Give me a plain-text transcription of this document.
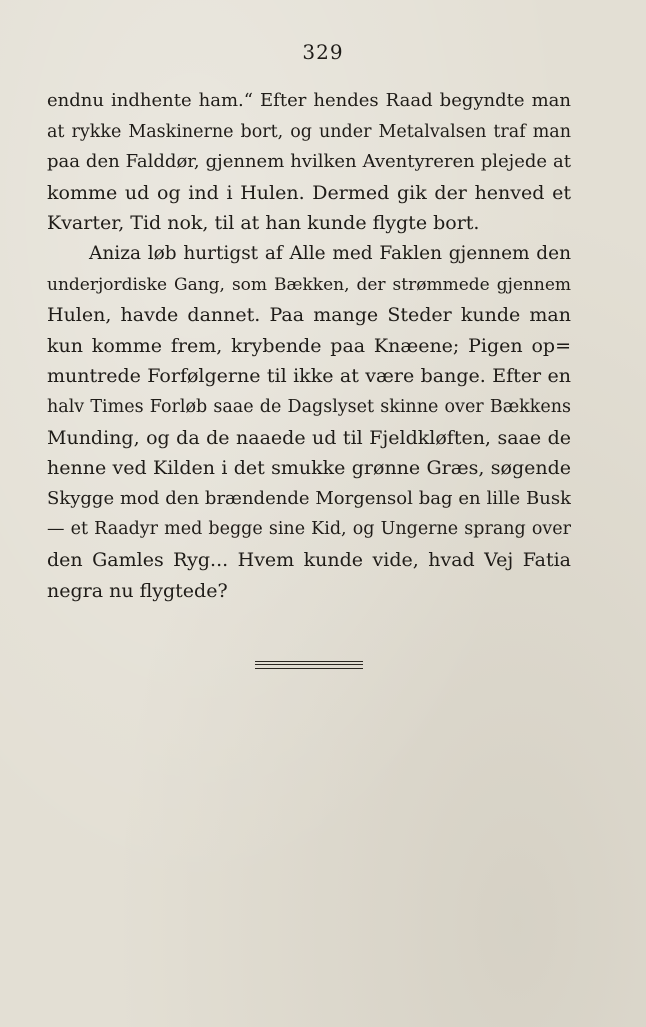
329
endnu indhente ham.“ Efter hendes Raad begyndte man
at rykke Maskinerne bort, og under Metalvalsen traf man
paa den Falddør, gjennem hvilken Aventyreren plejede at
komme ud og ind i Hulen. Dermed gik der henved et
Kvarter, Tid nok, til at han kunde flygte bort.
Aniza løb hurtigst af Alle med Faklen gjennem den
underjordiske Gang, som Bækken, der strømmede gjennem
Hulen, havde dannet. Paa mange Steder kunde man
kun komme frem, krybende paa Knæene; Pigen op=
muntrede Forfølgerne til ikke at være bange. Efter en
halv Times Forløb saae de Dagslyset skinne over Bækkens
Munding, og da de naaede ud til Fjeldkløften, saae de
henne ved Kilden i det smukke grønne Græs, søgende
Skygge mod den brændende Morgensol bag en lille Busk
— et Raadyr med begge sine Kid, og Ungerne sprang over
den Gamles Ryg... Hvem kunde vide, hvad Vej Fatia
negra nu flygtede?
